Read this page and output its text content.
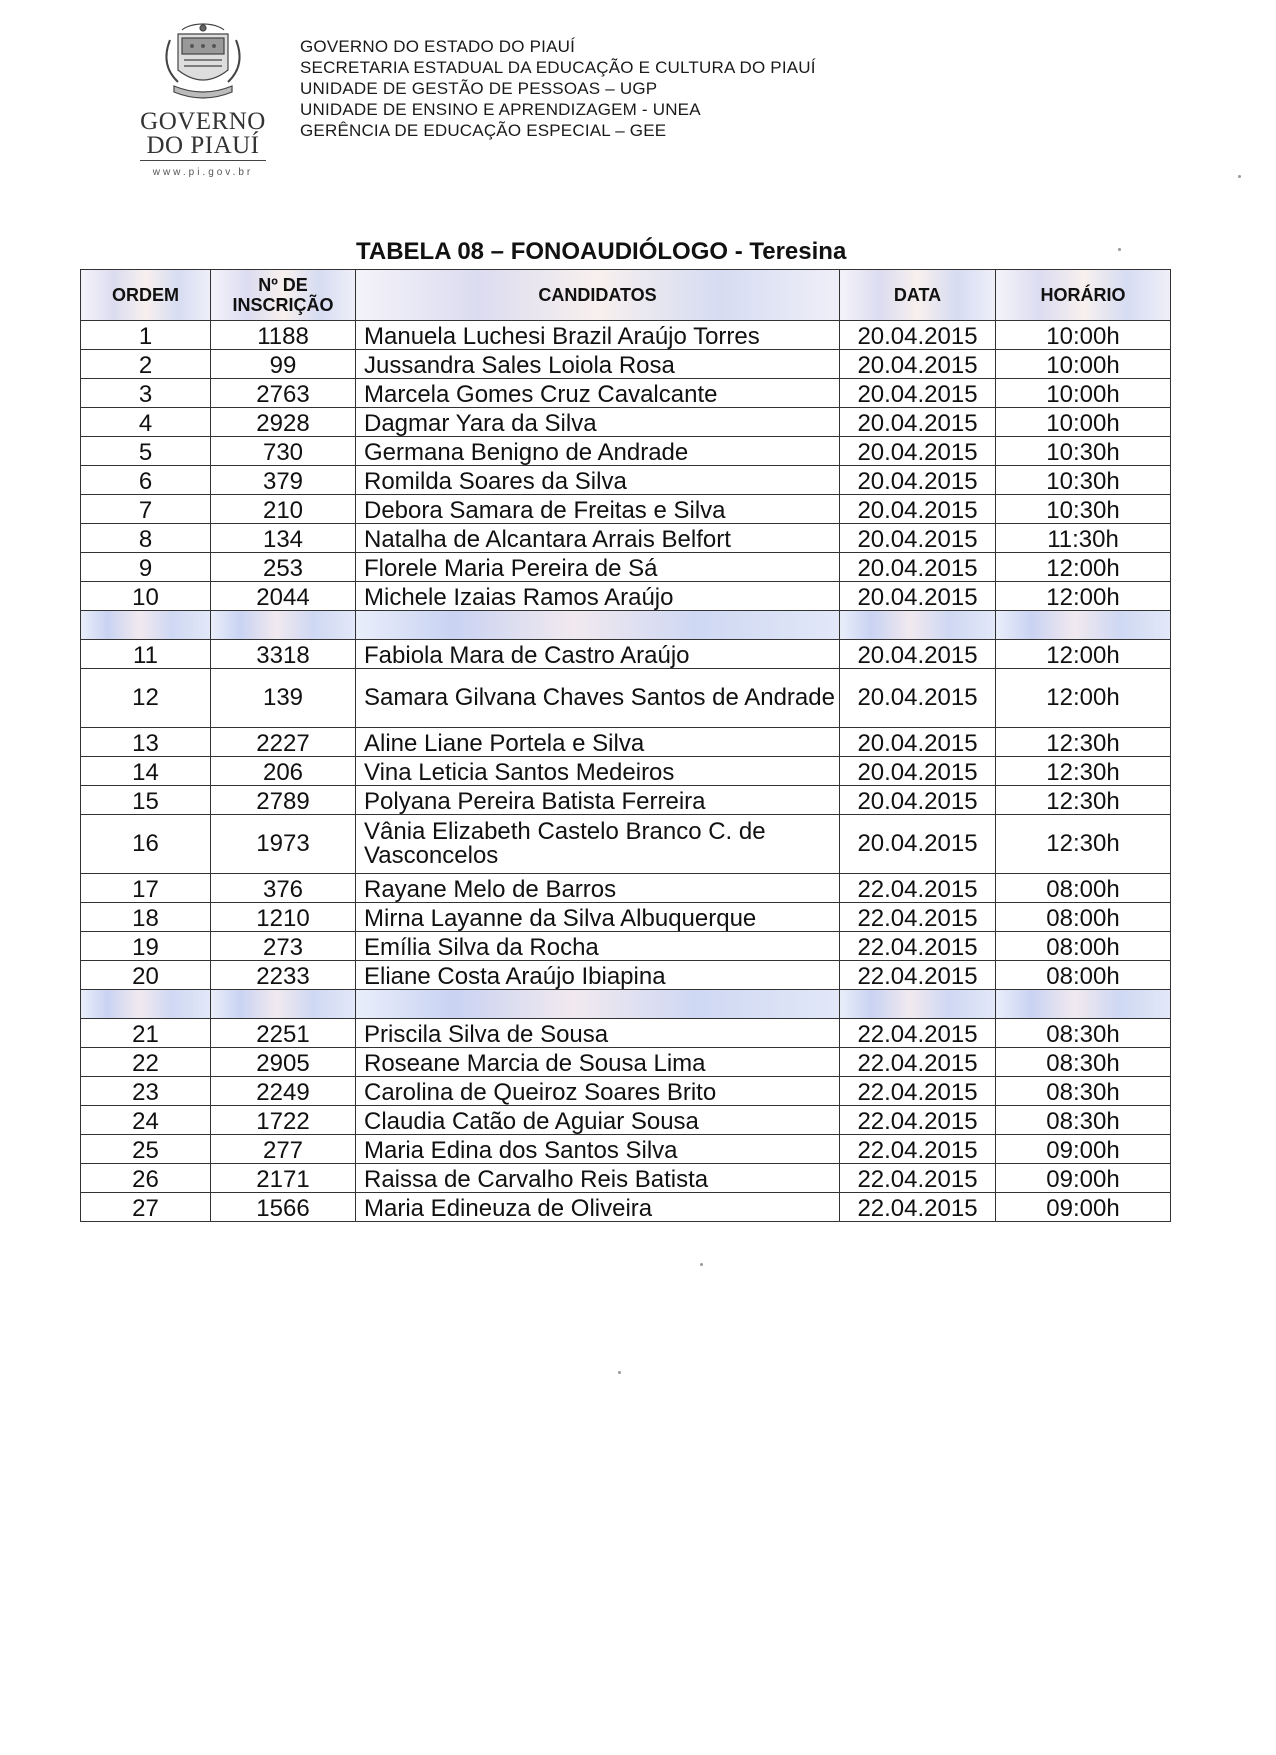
GOVERNO
DO PIAUÍ
www.pi.gov.br
GOVERNO DO ESTADO DO PIAUÍ
SECRETARIA ESTADUAL DA EDUCAÇÃO E CULTURA DO PIAUÍ
UNIDADE DE GESTÃO DE PESSOAS – UGP
UNIDADE DE ENSINO E APRENDIZAGEM - UNEA
GERÊNCIA DE EDUCAÇÃO ESPECIAL – GEE
TABELA 08 – FONOAUDIÓLOGO - Teresina
ORDEM	Nº DE INSCRIÇÃO	CANDIDATOS	DATA	HORÁRIO
1	1188	Manuela Luchesi Brazil Araújo Torres	20.04.2015	10:00h
2	99	Jussandra Sales Loiola Rosa	20.04.2015	10:00h
3	2763	Marcela Gomes Cruz Cavalcante	20.04.2015	10:00h
4	2928	Dagmar Yara da Silva	20.04.2015	10:00h
5	730	Germana Benigno de Andrade	20.04.2015	10:30h
6	379	Romilda Soares da Silva	20.04.2015	10:30h
7	210	Debora Samara de Freitas e Silva	20.04.2015	10:30h
8	134	Natalha de Alcantara Arrais Belfort	20.04.2015	11:30h
9	253	Florele Maria Pereira de Sá	20.04.2015	12:00h
10	2044	Michele Izaias Ramos Araújo	20.04.2015	12:00h

11	3318	Fabiola Mara de Castro Araújo	20.04.2015	12:00h
12	139	Samara Gilvana Chaves Santos de Andrade	20.04.2015	12:00h
13	2227	Aline Liane Portela e Silva	20.04.2015	12:30h
14	206	Vina Leticia Santos Medeiros	20.04.2015	12:30h
15	2789	Polyana Pereira Batista Ferreira	20.04.2015	12:30h
16	1973	Vânia Elizabeth Castelo Branco C. de Vasconcelos	20.04.2015	12:30h
17	376	Rayane Melo de Barros	22.04.2015	08:00h
18	1210	Mirna Layanne da Silva Albuquerque	22.04.2015	08:00h
19	273	Emília Silva da Rocha	22.04.2015	08:00h
20	2233	Eliane Costa Araújo Ibiapina	22.04.2015	08:00h

21	2251	Priscila Silva de Sousa	22.04.2015	08:30h
22	2905	Roseane Marcia de Sousa Lima	22.04.2015	08:30h
23	2249	Carolina de Queiroz Soares Brito	22.04.2015	08:30h
24	1722	Claudia Catão de Aguiar Sousa	22.04.2015	08:30h
25	277	Maria Edina dos Santos Silva	22.04.2015	09:00h
26	2171	Raissa de Carvalho Reis Batista	22.04.2015	09:00h
27	1566	Maria Edineuza de Oliveira	22.04.2015	09:00h
